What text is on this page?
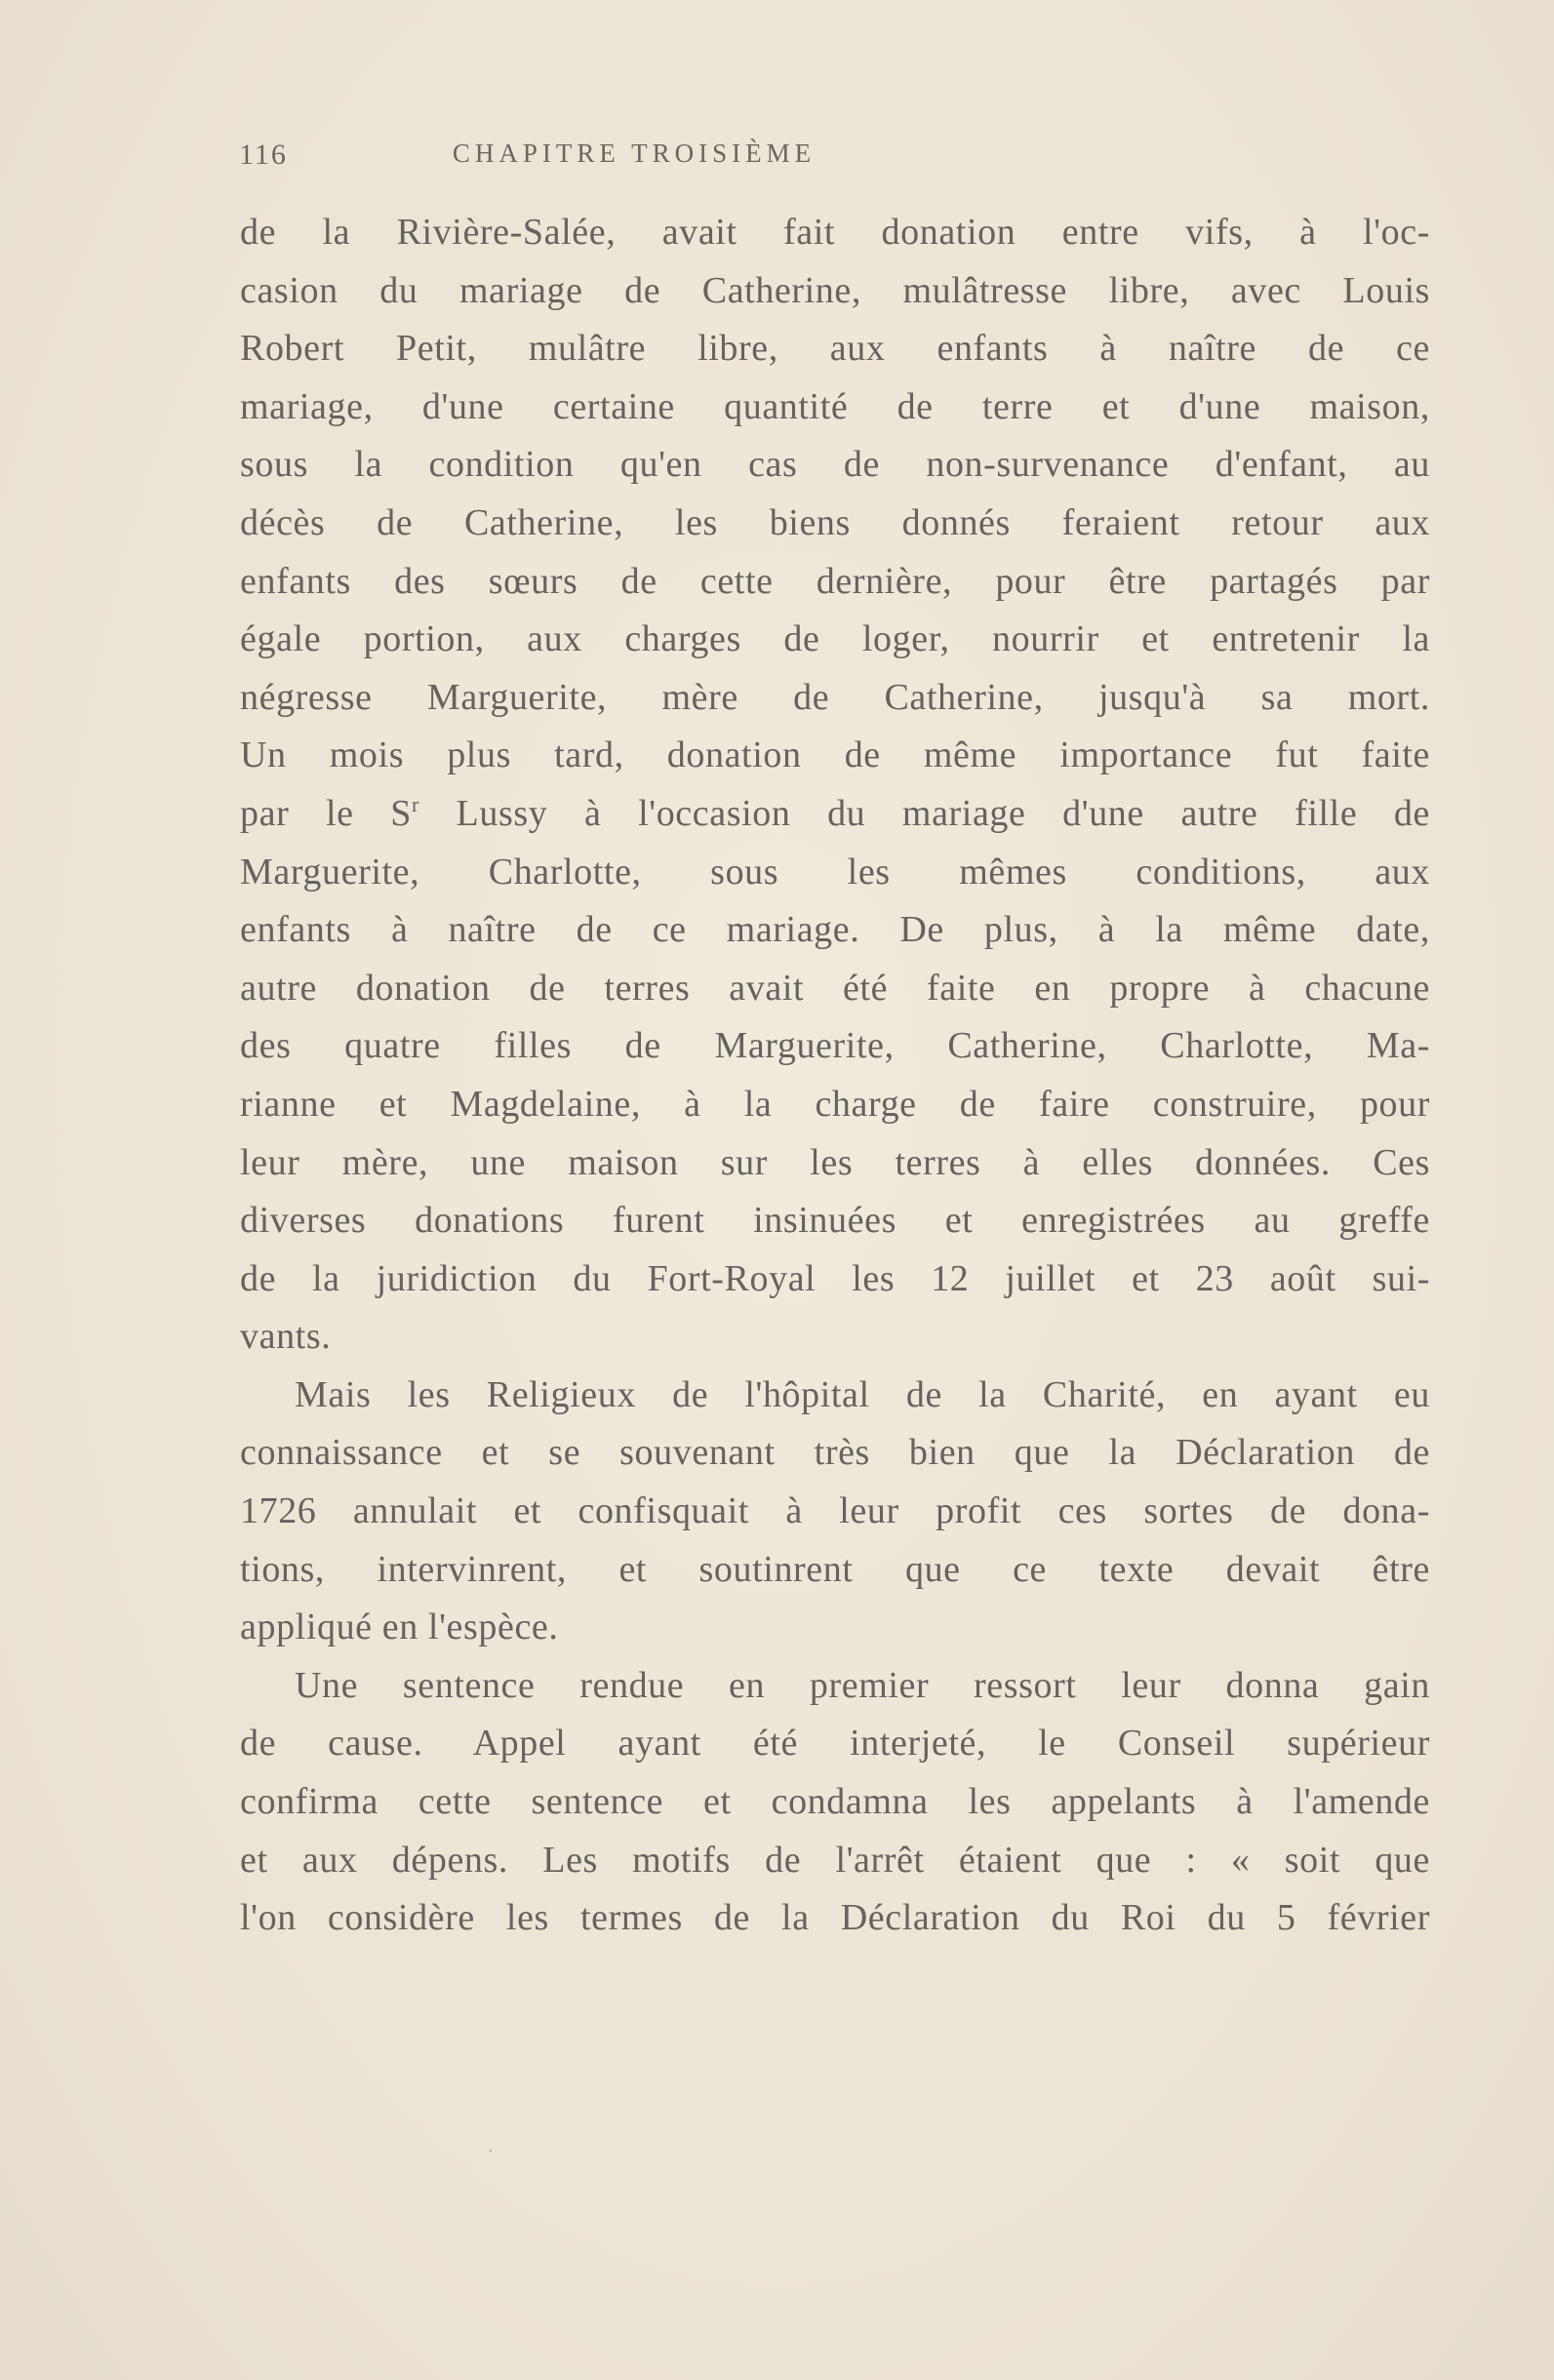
116	CHAPITRE TROISIÈME
de la Rivière-Salée, avait fait donation entre vifs, à l'oc-
casion du mariage de Catherine, mulâtresse libre, avec Louis
Robert Petit, mulâtre libre, aux enfants à naître de ce
mariage, d'une certaine quantité de terre et d'une maison,
sous la condition qu'en cas de non-survenance d'enfant, au
décès de Catherine, les biens donnés feraient retour aux
enfants des sœurs de cette dernière, pour être partagés par
égale portion, aux charges de loger, nourrir et entretenir la
négresse Marguerite, mère de Catherine, jusqu'à sa mort.
Un mois plus tard, donation de même importance fut faite
par le $S^r$ Lussy à l'occasion du mariage d'une autre fille de
Marguerite, Charlotte, sous les mêmes conditions, aux
enfants à naître de ce mariage. De plus, à la même date,
autre donation de terres avait été faite en propre à chacune
des quatre filles de Marguerite, Catherine, Charlotte, Ma-
rianne et Magdelaine, à la charge de faire construire, pour
leur mère, une maison sur les terres à elles données. Ces
diverses donations furent insinuées et enregistrées au greffe
de la juridiction du Fort-Royal les 12 juillet et 23 août sui-
vants.
Mais les Religieux de l'hôpital de la Charité, en ayant eu
connaissance et se souvenant très bien que la Déclaration de
1726 annulait et confisquait à leur profit ces sortes de dona-
tions, intervinrent, et soutinrent que ce texte devait être
appliqué en l'espèce.
Une sentence rendue en premier ressort leur donna gain
de cause. Appel ayant été interjeté, le Conseil supérieur
confirma cette sentence et condamna les appelants à l'amende
et aux dépens. Les motifs de l'arrêt étaient que : « soit que
l'on considère les termes de la Déclaration du Roi du 5 février
·
